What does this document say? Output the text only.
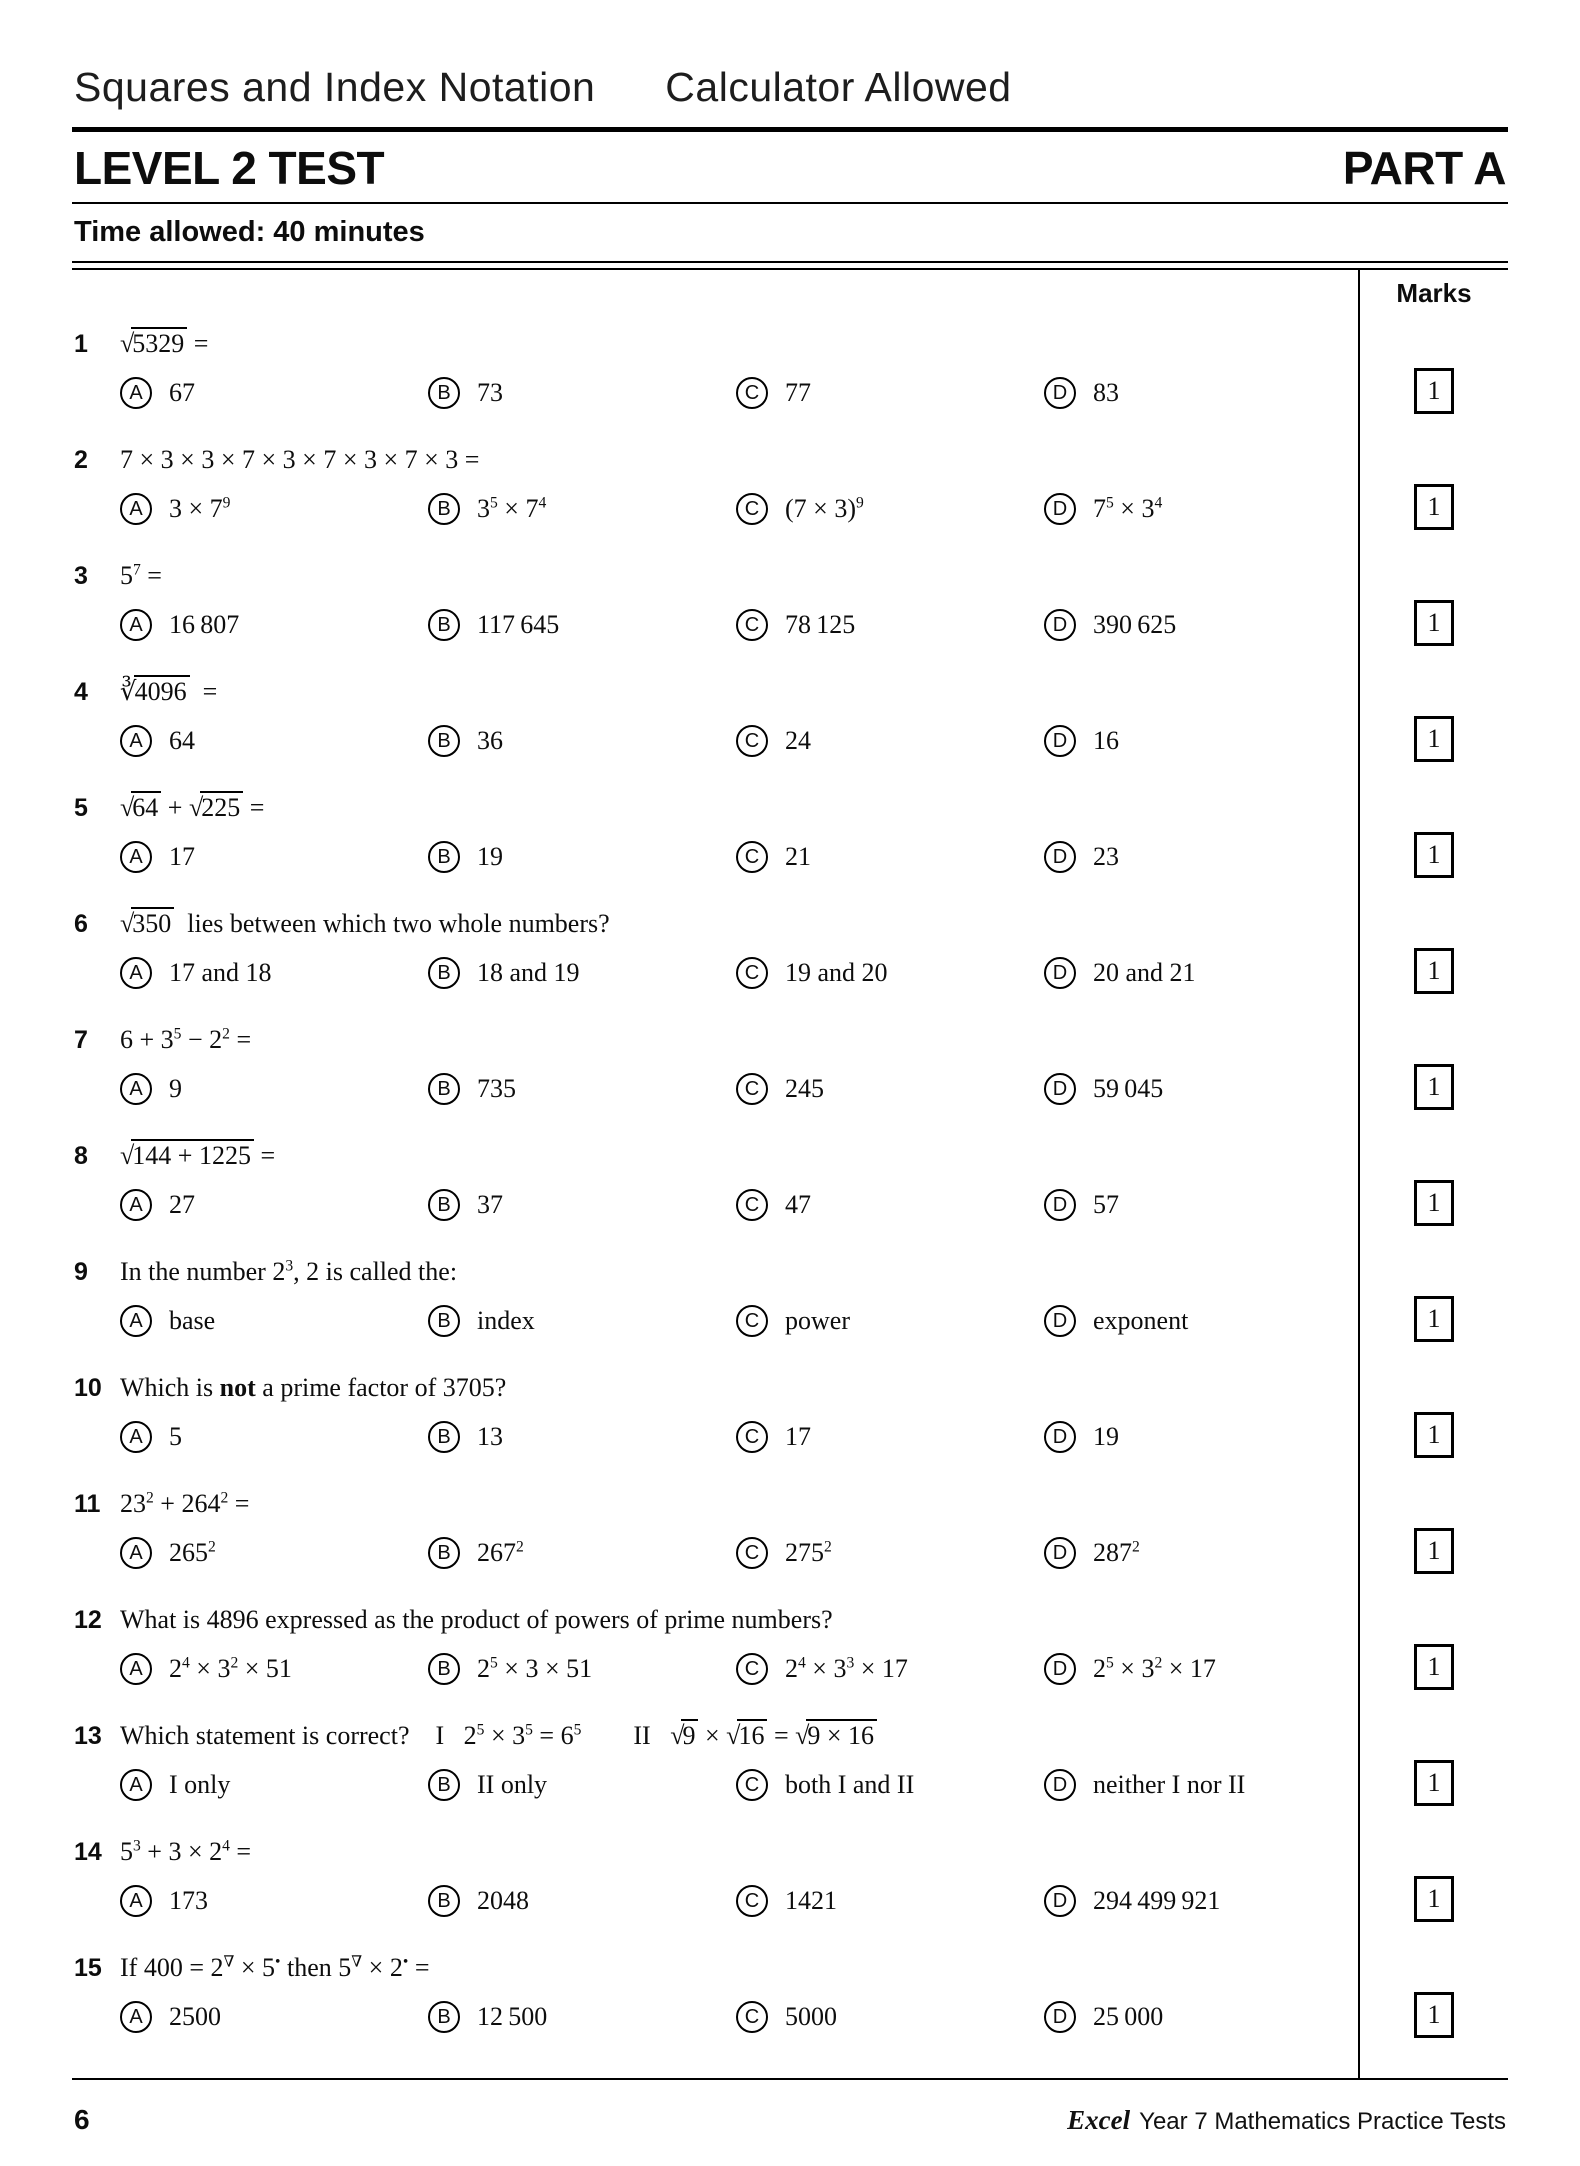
Squares and Index Notation Calculator Allowed
LEVEL 2 TEST	PART A
Time allowed: 40 minutes
Marks
1	√5329 =
A	67	B	73	C 77	D 83	1
2	7 × 3 × 3 × 7 × 3 × 7 × 3 × 7 × 3 =
A	$3 \times 7^9$	B	$3^5 \times 7^4$	C $(7 \times 3)^9$	D $7^5 \times 3^4$	1
3	$5^7$ =
A	16 807	B	117 645	C 78 125	D 390 625	1
4	∛4096 =
A	64	B	36	C 24	D 16	1
5	√64 + √225 =
A	17	B	19	C 21	D 23	1
6	√350 lies between which two whole numbers?
A	17 and 18	B	18 and 19	C 19 and 20	D 20 and 21	1
7	$6 + 3^5 - 2^2$ =
A	9	B	735	C 245	D 59 045	1
8	√144 + 1225 =
A	27	B	37	C 47	D 57	1
9	In the number $2^3$, 2 is called the:
A	base	B	index	C power	D exponent	1
10 Which is not a prime factor of 3705?
A	5	B	13	C 17	D 19	1
11 $23^2 + 264^2$ =
A	$265^2$	B	$267^2$	C $275^2$	D $287^2$	1
12 What is 4896 expressed as the product of powers of prime numbers?
A	$2^4 \times 3^2 \times 51$	B	$2^5 \times 3 \times 51$	C $2^4 \times 3^3 \times 17$	D $2^5 \times 3^2 \times 17$	1
13 Which statement is correct? I  $2^5 \times 3^5 = 6^5$  II  √9 × √16 = √9 × 16
A	I only	B	II only	C both I and II	D neither I nor II	1
14 $5^3 + 3 \times 2^4$ =
A	173	B	2048	C 1421	D 294 499 921	1
15 If 400 = 2∇ × 5• then 5∇ × 2• =
A	2500	B	12 500	C 5000	D 25 000	1
6	Excel Year 7 Mathematics Practice Tests
